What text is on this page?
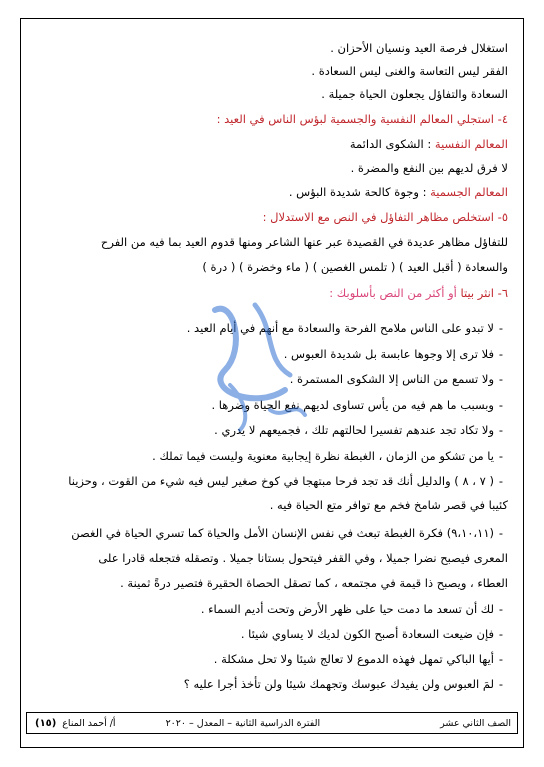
استغلال فرصة العيد ونسيان الأحزان .
الفقر ليس التعاسة والغنى ليس السعادة .
السعادة والتفاؤل يجعلون الحياة جميلة .
٤- استجلي المعالم النفسية والجسمية لبؤس الناس في العيد :
المعالم النفسية : الشكوى الدائمة
لا فرق لديهم بين النفع والمضرة .
المعالم الجسمية : وجوة كالحة شديدة البؤس .
٥- استخلص مظاهر التفاؤل في النص مع الاستدلال :
للتفاؤل مظاهر عديدة في القصيدة عبر عنها الشاعر ومنها قدوم العيد بما فيه من الفرح
والسعادة ( أقبل العيد ) ( تلمس الغصين ) ( ماء وخضرة ) ( درة )
٦- انثر بيتا أو أكثر من النص بأسلوبك :
-لا تبدو على الناس ملامح الفرحة والسعادة مع أنهم في أيام العيد .
-فلا ترى إلا وجوها عابسة بل شديدة العبوس .
-ولا تسمع من الناس إلا الشكوى المستمرة .
-وبسبب ما هم فيه من يأس تساوى لديهم نفع الحياة وضرها .
-ولا تكاد تجد عندهم تفسيرا لحالتهم تلك ، فجميعهم لا يدري .
-يا من تشكو من الزمان ، الغبطة نظرة إيجابية معنوية وليست فيما تملك .
-( ٧ ، ٨ ) والدليل أنك قد تجد فرحا مبتهجا في كوخ صغير ليس فيه شيء من القوت ، وحزينا
كئيبا في قصر شامخ فخم مع توافر متع الحياة فيه .
-(٩،١٠،١١) فكرة الغبطة تبعث في نفس الإنسان الأمل والحياة كما تسري الحياة في الغصن
المعرى فيصبح نضرا جميلا ، وفي القفر فيتحول بستانا جميلا . وتصقله فتجعله قادرا على
العطاء ، ويصبح ذا قيمة في مجتمعه ، كما تصقل الحصاة الحقيرة فتصير درةً ثمينة .
-لك أن تسعد ما دمت حيا على ظهر الأرض وتحت أديم السماء .
-فإن ضيعت السعادة أصبح الكون لديك لا يساوي شيئا .
-أيها الباكي تمهل فهذه الدموع لا تعالج شيئا ولا تحل مشكلة .
-لمَ العبوس ولن يفيدك عبوسك وتجهمك شيئا ولن تأخذ أجرا عليه ؟
الصف الثاني عشر
الفترة الدراسية الثانية – المعدل – ٢٠٢٠
أ/ أحمد المناع
(١٥)
